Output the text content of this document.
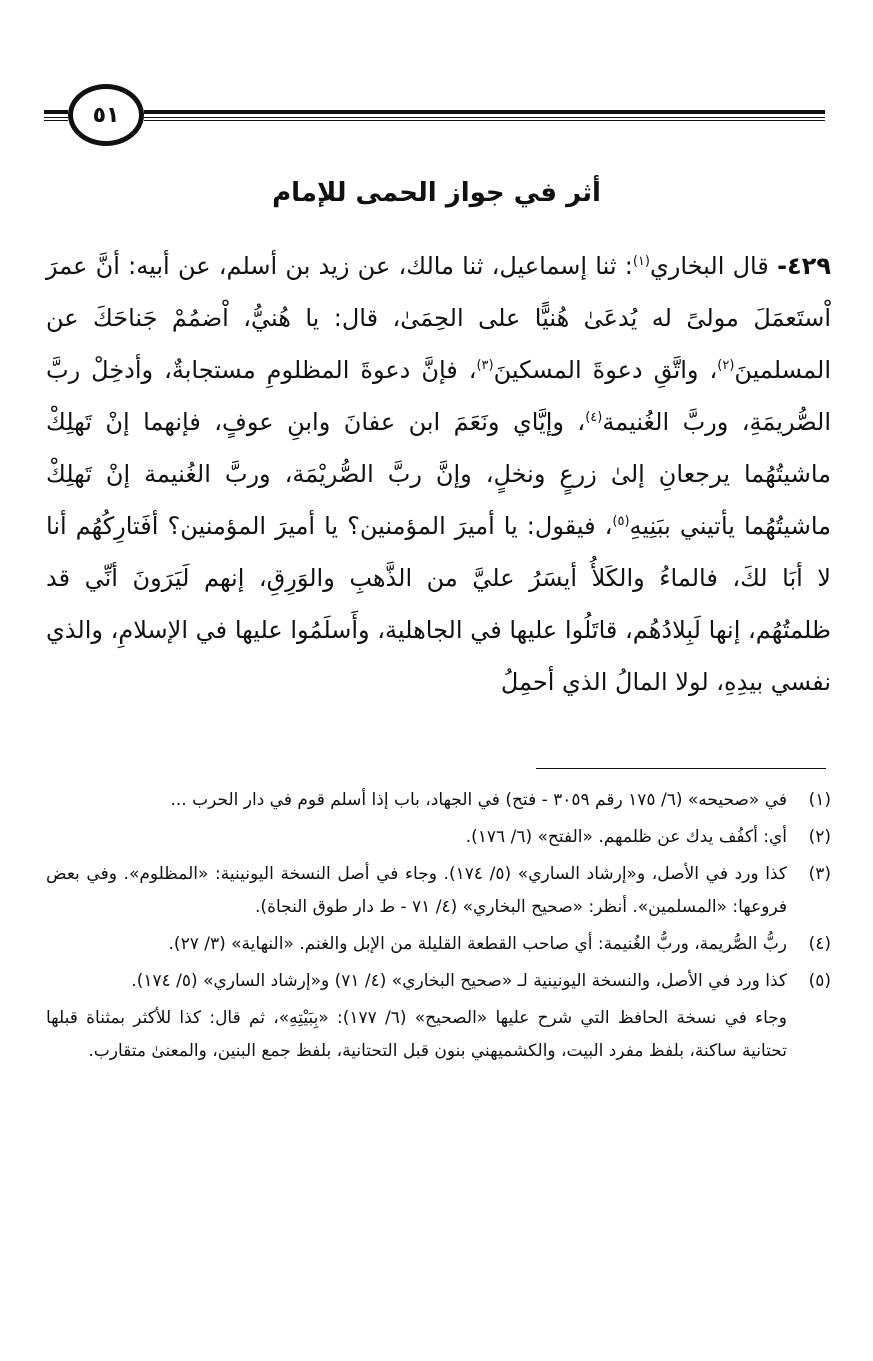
٥١
أثر في جواز الحمى للإمام

٤٢٩- قال البخاري$^{(١)}$: ثنا إسماعيل، ثنا مالك، عن زيد بن أسلم، عن أبيه: أنَّ عمرَ اْستَعمَلَ مولىً له يُدعَىٰ هُنيًّا على الحِمَىٰ، قال: يا هُنيُّ، اْضمُمْ جَناحَكَ عن المسلمينَ$^{(٢)}$، واتَّقِ دعوةَ المسكينَ$^{(٣)}$، فإنَّ دعوةَ المظلومِ مستجابةٌ، وأدخِلْ ربَّ الصُّريمَةِ، وربَّ الغُنيمة$^{(٤)}$، وإيَّاي ونَعَمَ ابن عفانَ وابنِ عوفٍ، فإنهما إنْ تَهلِكْ ماشيتُهُما يرجعانِ إلىٰ زرعٍ ونخلٍ، وإنَّ ربَّ الصُّريْمَة، وربَّ الغُنيمة إنْ تَهلِكْ ماشيتُهُما يأتيني ببَنِيهِ$^{(٥)}$، فيقول: يا أميرَ المؤمنين؟ يا أميرَ المؤمنين؟ أفَتارِكُهُم أنا لا أبَا لكَ، فالماءُ والكَلأُ أيسَرُ عليَّ من الذَّهبِ والوَرِقِ، إنهم لَيَرَونَ أنِّي قد ظلمتُهُم، إنها لَبِلادُهُم، قاتَلُوا عليها في الجاهلية، وأَسلَمُوا عليها في الإسلامِ، والذي نفسي بيدِهِ، لولا المالُ الذي أحمِلُ

(١)
في «صحيحه» (٦/ ١٧٥ رقم ٣٠٥٩ - فتح) في الجهاد، باب إذا أسلم قوم في دار الحرب ...
(٢)
أي: أكفُف يدك عن ظلمهم. «الفتح» (٦/ ١٧٦).
(٣)
كذا ورد في الأصل، و«إرشاد الساري» (٥/ ١٧٤). وجاء في أصل النسخة اليونينية: «المظلوم». وفي بعض فروعها: «المسلمين». أنظر: «صحيح البخاري» (٤/ ٧١ - ط دار طوق النجاة).
(٤)
ربُّ الصُّريمة، وربُّ الغُنيمة: أي صاحب القطعة القليلة من الإبل والغنم. «النهاية» (٣/ ٢٧).
(٥)
كذا ورد في الأصل، والنسخة اليونينية لـ «صحيح البخاري» (٤/ ٧١) و«إرشاد الساري» (٥/ ١٧٤).
وجاء في نسخة الحافظ التي شرح عليها «الصحيح» (٦/ ١٧٧): «بِبَيْتِهِ»، ثم قال: كذا للأكثر بمثناة قبلها تحتانية ساكنة، بلفظ مفرد البيت، والكشميهني بنون قبل التحتانية، بلفظ جمع البنين، والمعنىٰ متقارب.
